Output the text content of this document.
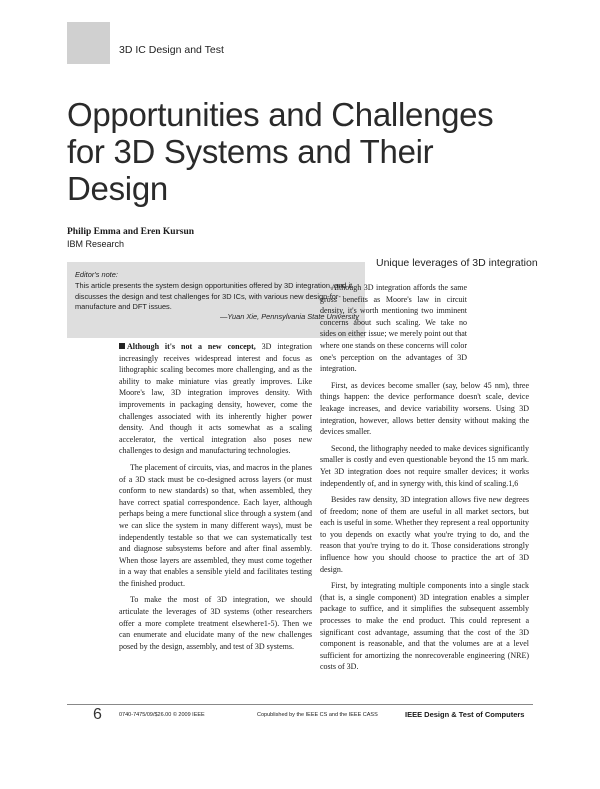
3D IC Design and Test
Opportunities and Challenges for 3D Systems and Their Design
Philip Emma and Eren Kursun
IBM Research
Editor's note:
This article presents the system design opportunities offered by 3D integration, and it discusses the design and test challenges for 3D ICs, with various new design-for-manufacture and DFT issues.
—Yuan Xie, Pennsylvania State University
Unique leverages of 3D integration

Although it's not a new concept, 3D integration increasingly receives widespread interest and focus as lithographic scaling becomes more challenging, and as the ability to make miniature vias greatly improves. Like Moore's law, 3D integration improves density. With improvements in packaging density, however, come the challenges associated with its inherently higher power density. And though it acts somewhat as a scaling accelerator, the vertical integration also poses new challenges to design and manufacturing technologies.

The placement of circuits, vias, and macros in the planes of a 3D stack must be co-designed across layers (or must conform to new standards) so that, when assembled, they have correct spatial correspondence. Each layer, although perhaps being a mere functional slice through a system (and we can slice the system in many different ways), must be independently testable so that we can systematically test and diagnose subsystems before and after final assembly. When those layers are assembled, they must come together in a way that enables a sensible yield and facilitates testing the finished product.

To make the most of 3D integration, we should articulate the leverages of 3D systems (other researchers offer a more complete treatment elsewhere1-5). Then we can enumerate and elucidate many of the new challenges posed by the design, assembly, and test of 3D systems.

Although 3D integration affords the same gross benefits as Moore's law in circuit density, it's worth mentioning two imminent concerns about such scaling. We take no sides on either issue; we merely point out that where one stands on these concerns will color one's perception on the advantages of 3D integration.

First, as devices become smaller (say, below 45 nm), three things happen: the device performance doesn't scale, device leakage increases, and device variability worsens. Using 3D integration, however, allows better density without making the devices smaller.

Second, the lithography needed to make devices significantly smaller is costly and even questionable beyond the 15 nm mark. Yet 3D integration does not require smaller devices; it works independently of, and in synergy with, this kind of scaling.1,6

Besides raw density, 3D integration allows five new degrees of freedom; none of them are useful in all market sectors, but each is useful in some. Whether they represent a real opportunity to you depends on exactly what you're trying to do, and the reason that you're trying to do it. Those considerations strongly influence how you should choose to practice the art of 3D design.

First, by integrating multiple components into a single stack (that is, a single component) 3D integration enables a simpler package to suffice, and it simplifies the subsequent assembly processes to make the end product. This could represent a significant cost advantage, assuming that the cost of the 3D component is reasonable, and that the volumes are at a level sufficient for amortizing the nonrecoverable engineering (NRE) costs of 3D.

6	0740-7475/09/$26.00 © 2009 IEEE	Copublished by the IEEE CS and the IEEE CASS	IEEE Design & Test of Computers
